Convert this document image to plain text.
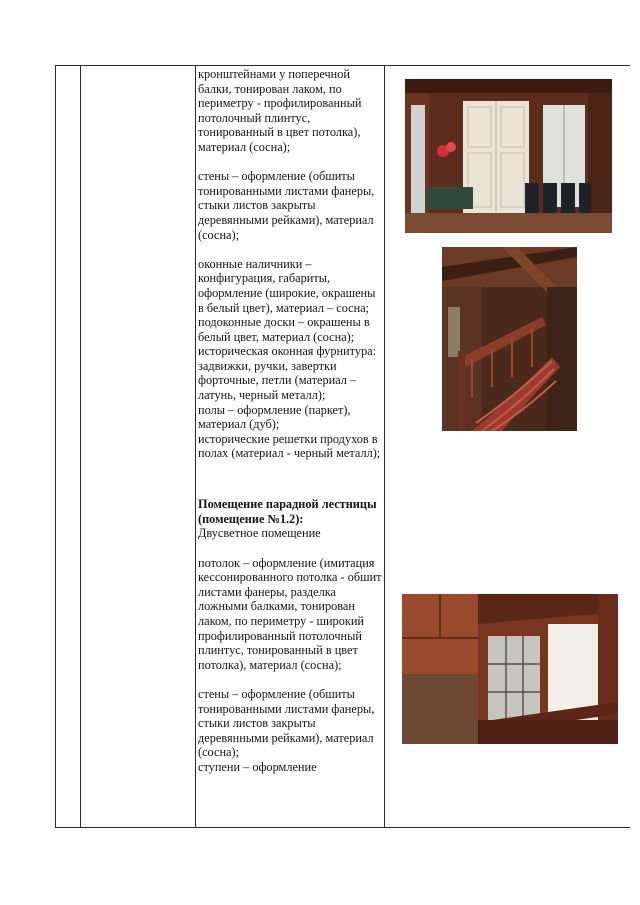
кронштейнами у поперечной балки, тонирован лаком, по периметру - профилированный потолочный плинтус, тонированный в цвет потолка), материал (сосна);

стены – оформление (обшиты тонированными листами фанеры, стыки листов закрыты деревянными рейками), материал (сосна);

оконные наличники – конфигурация, габариты, оформление (широкие, окрашены в белый цвет), материал – сосна;

подоконные доски – окрашены в белый цвет, материал (сосна);

историческая оконная фурнитура: задвижки, ручки, завертки форточные, петли (материал – латунь, черный металл);

полы – оформление (паркет), материал (дуб);

исторические решетки продухов в полах (материал - черный металл);

Помещение парадной лестницы (помещение №1.2):

Двусветное помещение

потолок – оформление (имитация кессонированного потолка - обшит листами фанеры, разделка ложными балками, тонирован лаком, по периметру - широкий профилированный потолочный плинтус, тонированный в цвет потолка), материал (сосна);

стены – оформление (обшиты тонированными листами фанеры, стыки листов закрыты деревянными рейками), материал (сосна);

ступени – оформление
